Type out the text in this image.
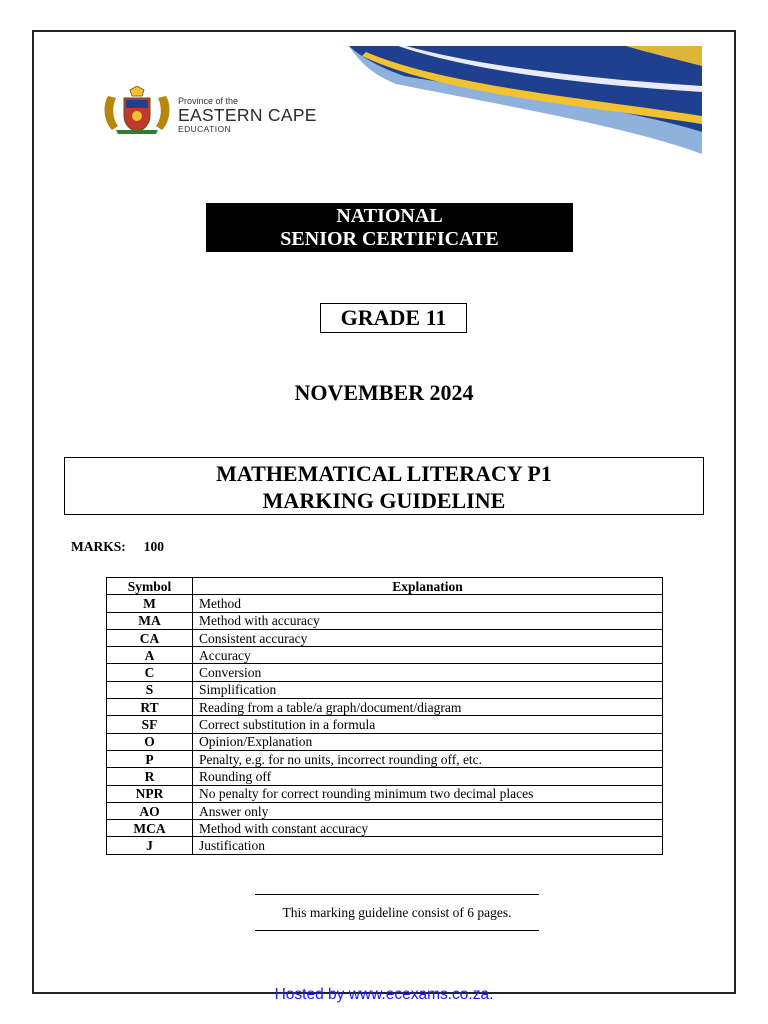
Province of the
EASTERN CAPE
EDUCATION
Iphondo leMpuma Koloni: Isebe leMfundo
Provinsie van die Oos Kaap: Departement van Onderwys
Porafense Ya Kapa Botjhabela: Lefapha la Thuto
NATIONAL
SENIOR CERTIFICATE
GRADE 11
NOVEMBER 2024
MATHEMATICAL LITERACY P1
MARKING GUIDELINE
MARKS: 100
Symbol	Explanation
M	Method
MA	Method with accuracy
CA	Consistent accuracy
A	Accuracy
C	Conversion
S	Simplification
RT	Reading from a table/a graph/document/diagram
SF	Correct substitution in a formula
O	Opinion/Explanation
P	Penalty, e.g. for no units, incorrect rounding off, etc.
R	Rounding off
NPR	No penalty for correct rounding minimum two decimal places
AO	Answer only
MCA	Method with constant accuracy
J	Justification
This marking guideline consist of 6 pages.
Hosted by www.ecexams.co.za.
